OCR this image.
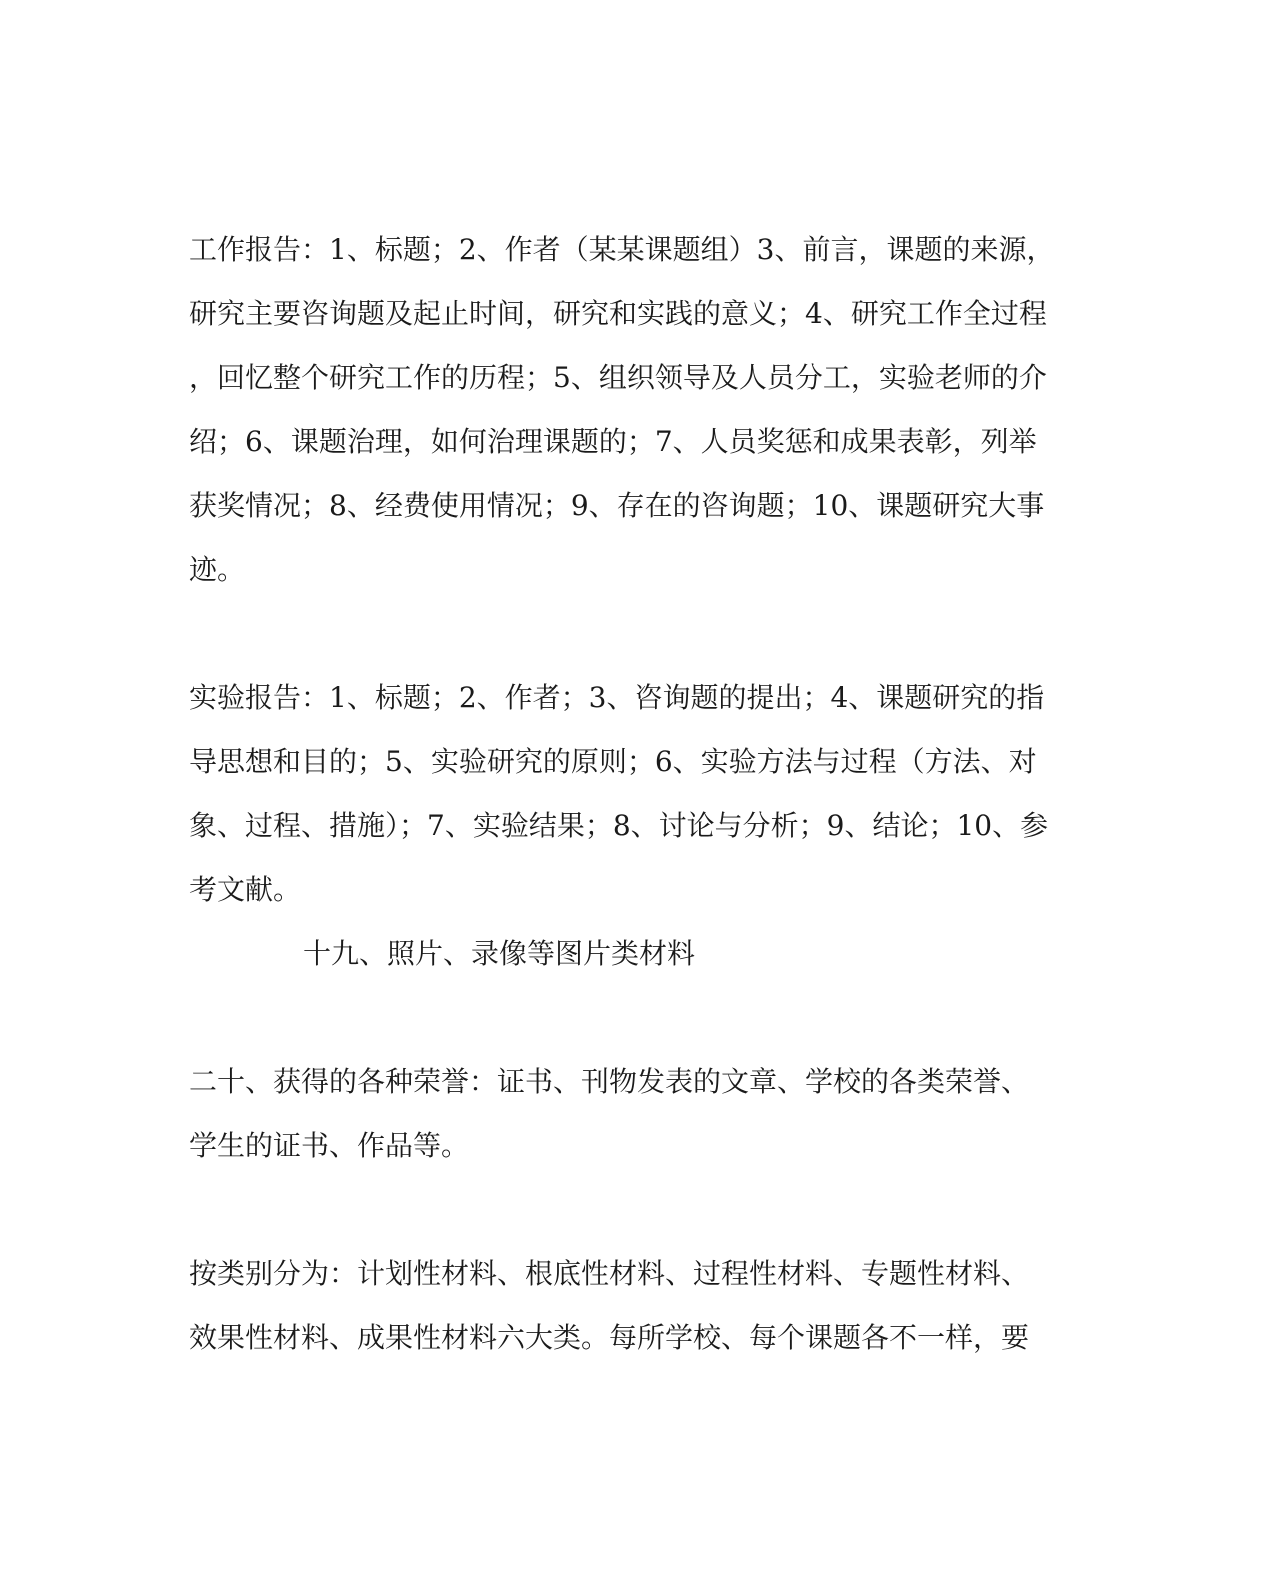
工作报告：1、标题；2、作者（某某课题组）3、前言，课题的来源，
研究主要咨询题及起止时间，研究和实践的意义；4、研究工作全过程
，回忆整个研究工作的历程；5、组织领导及人员分工，实验老师的介
绍；6、课题治理，如何治理课题的；7、人员奖惩和成果表彰，列举
获奖情况；8、经费使用情况；9、存在的咨询题；10、课题研究大事
迹。
实验报告：1、标题；2、作者；3、咨询题的提出；4、课题研究的指
导思想和目的；5、实验研究的原则；6、实验方法与过程（方法、对
象、过程、措施）；7、实验结果；8、讨论与分析；9、结论；10、参
考文献。
十九、照片、录像等图片类材料
二十、获得的各种荣誉：证书、刊物发表的文章、学校的各类荣誉、
学生的证书、作品等。
按类别分为：计划性材料、根底性材料、过程性材料、专题性材料、
效果性材料、成果性材料六大类。每所学校、每个课题各不一样，要
